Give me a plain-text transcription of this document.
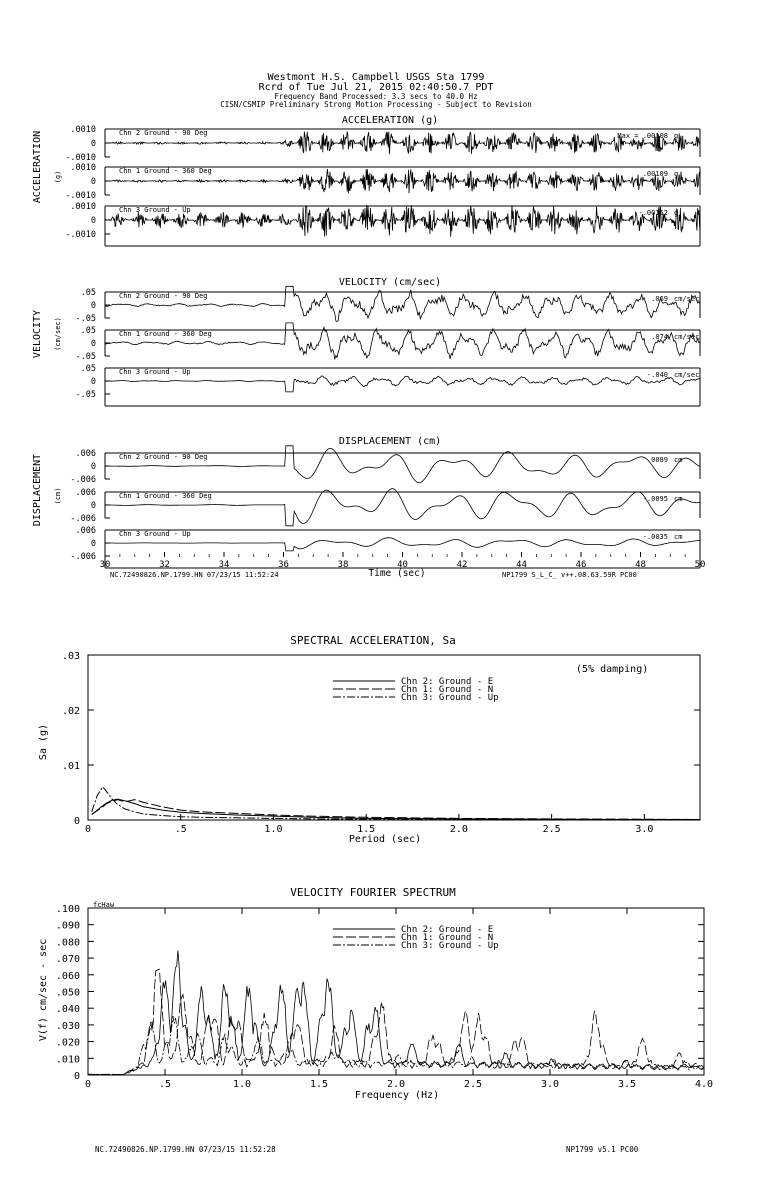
Westmont H.S. Campbell USGS Sta 1799
Rcrd of Tue Jul 21, 2015 02:40:50.7 PDT
Frequency Band Processed: 3.3 secs to 40.0 Hz
CISN/CSMIP Preliminary Strong Motion Processing - Subject to Revision
ACCELERATION (g)
ACCELERATION (g)
VELOCITY (cm/sec)
VELOCITY (cm/sec)
DISPLACEMENT (cm)
DISPLACEMENT (cm)
Time (sec)
NC.72490826.NP.1799.HN 07/23/15 11:52:24	NP1799 S_L_C_ v++.08.63.59R PC00
.0010
0
-.0010
Chn 2 Ground - 90 Deg	Max = .00108 g
.0010
0
-.0010
Chn 1 Ground - 360 Deg	.00109 g
.0010
0
-.0010
Chn 3 Ground - Up	-.00152 g
.05
0
-.05
Chn 2 Ground - 90 Deg	.069 cm/sec
.05
0
-.05
Chn 1 Ground - 360 Deg	.074 cm/sec
.05
0
-.05
Chn 3 Ground - Up	-.040 cm/sec
.006
0
-.006
Chn 2 Ground - 90 Deg	.0089 cm
.006
0
-.006
Chn 1 Ground - 360 Deg	-.0095 cm
.006
0
-.006
Chn 3 Ground - Up	-.0035 cm
30	32	34	36	38	40	42	44	46	48	50
SPECTRAL ACCELERATION, Sa
Sa (g)
Period (sec)
(5% damping)
0
.01
.02
.03
0	.5	1.0	1.5	2.0	2.5	3.0
Chn 2: Ground - E
Chn 1: Ground - N
Chn 3: Ground - Up
VELOCITY FOURIER SPECTRUM
V(f) cm/sec - sec
Frequency (Hz)
fcHaw
0
.010
.020
.030
.040
.050
.060
.070
.080
.090
.100
0	.5	1.0	1.5	2.0	2.5	3.0	3.5	4.0
Chn 2: Ground - E
Chn 1: Ground - N
Chn 3: Ground - Up
NC.72490826.NP.1799.HN 07/23/15 11:52:28	NP1799 v5.1 PC00
